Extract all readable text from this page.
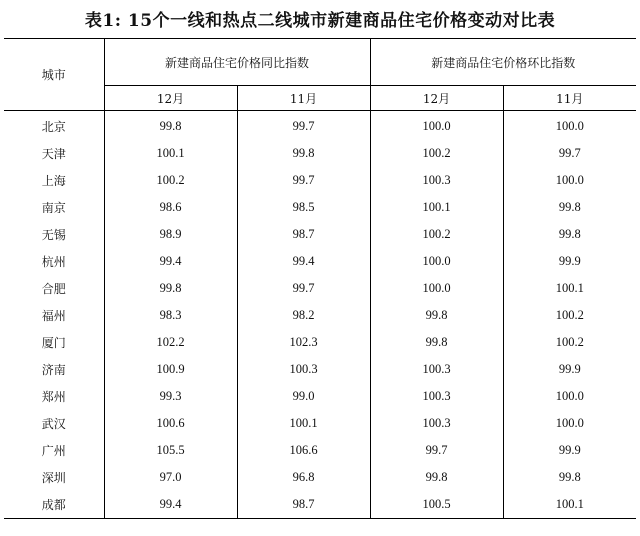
表1: 15个一线和热点二线城市新建商品住宅价格变动对比表
城市	新建商品住宅价格同比指数		新建商品住宅价格环比指数	
	12月	11月	12月	11月
北京	99.8	99.7	100.0	100.0
天津	100.1	99.8	100.2	99.7
上海	100.2	99.7	100.3	100.0
南京	98.6	98.5	100.1	99.8
无锡	98.9	98.7	100.2	99.8
杭州	99.4	99.4	100.0	99.9
合肥	99.8	99.7	100.0	100.1
福州	98.3	98.2	99.8	100.2
厦门	102.2	102.3	99.8	100.2
济南	100.9	100.3	100.3	99.9
郑州	99.3	99.0	100.3	100.0
武汉	100.6	100.1	100.3	100.0
广州	105.5	106.6	99.7	99.9
深圳	97.0	96.8	99.8	99.8
成都	99.4	98.7	100.5	100.1
